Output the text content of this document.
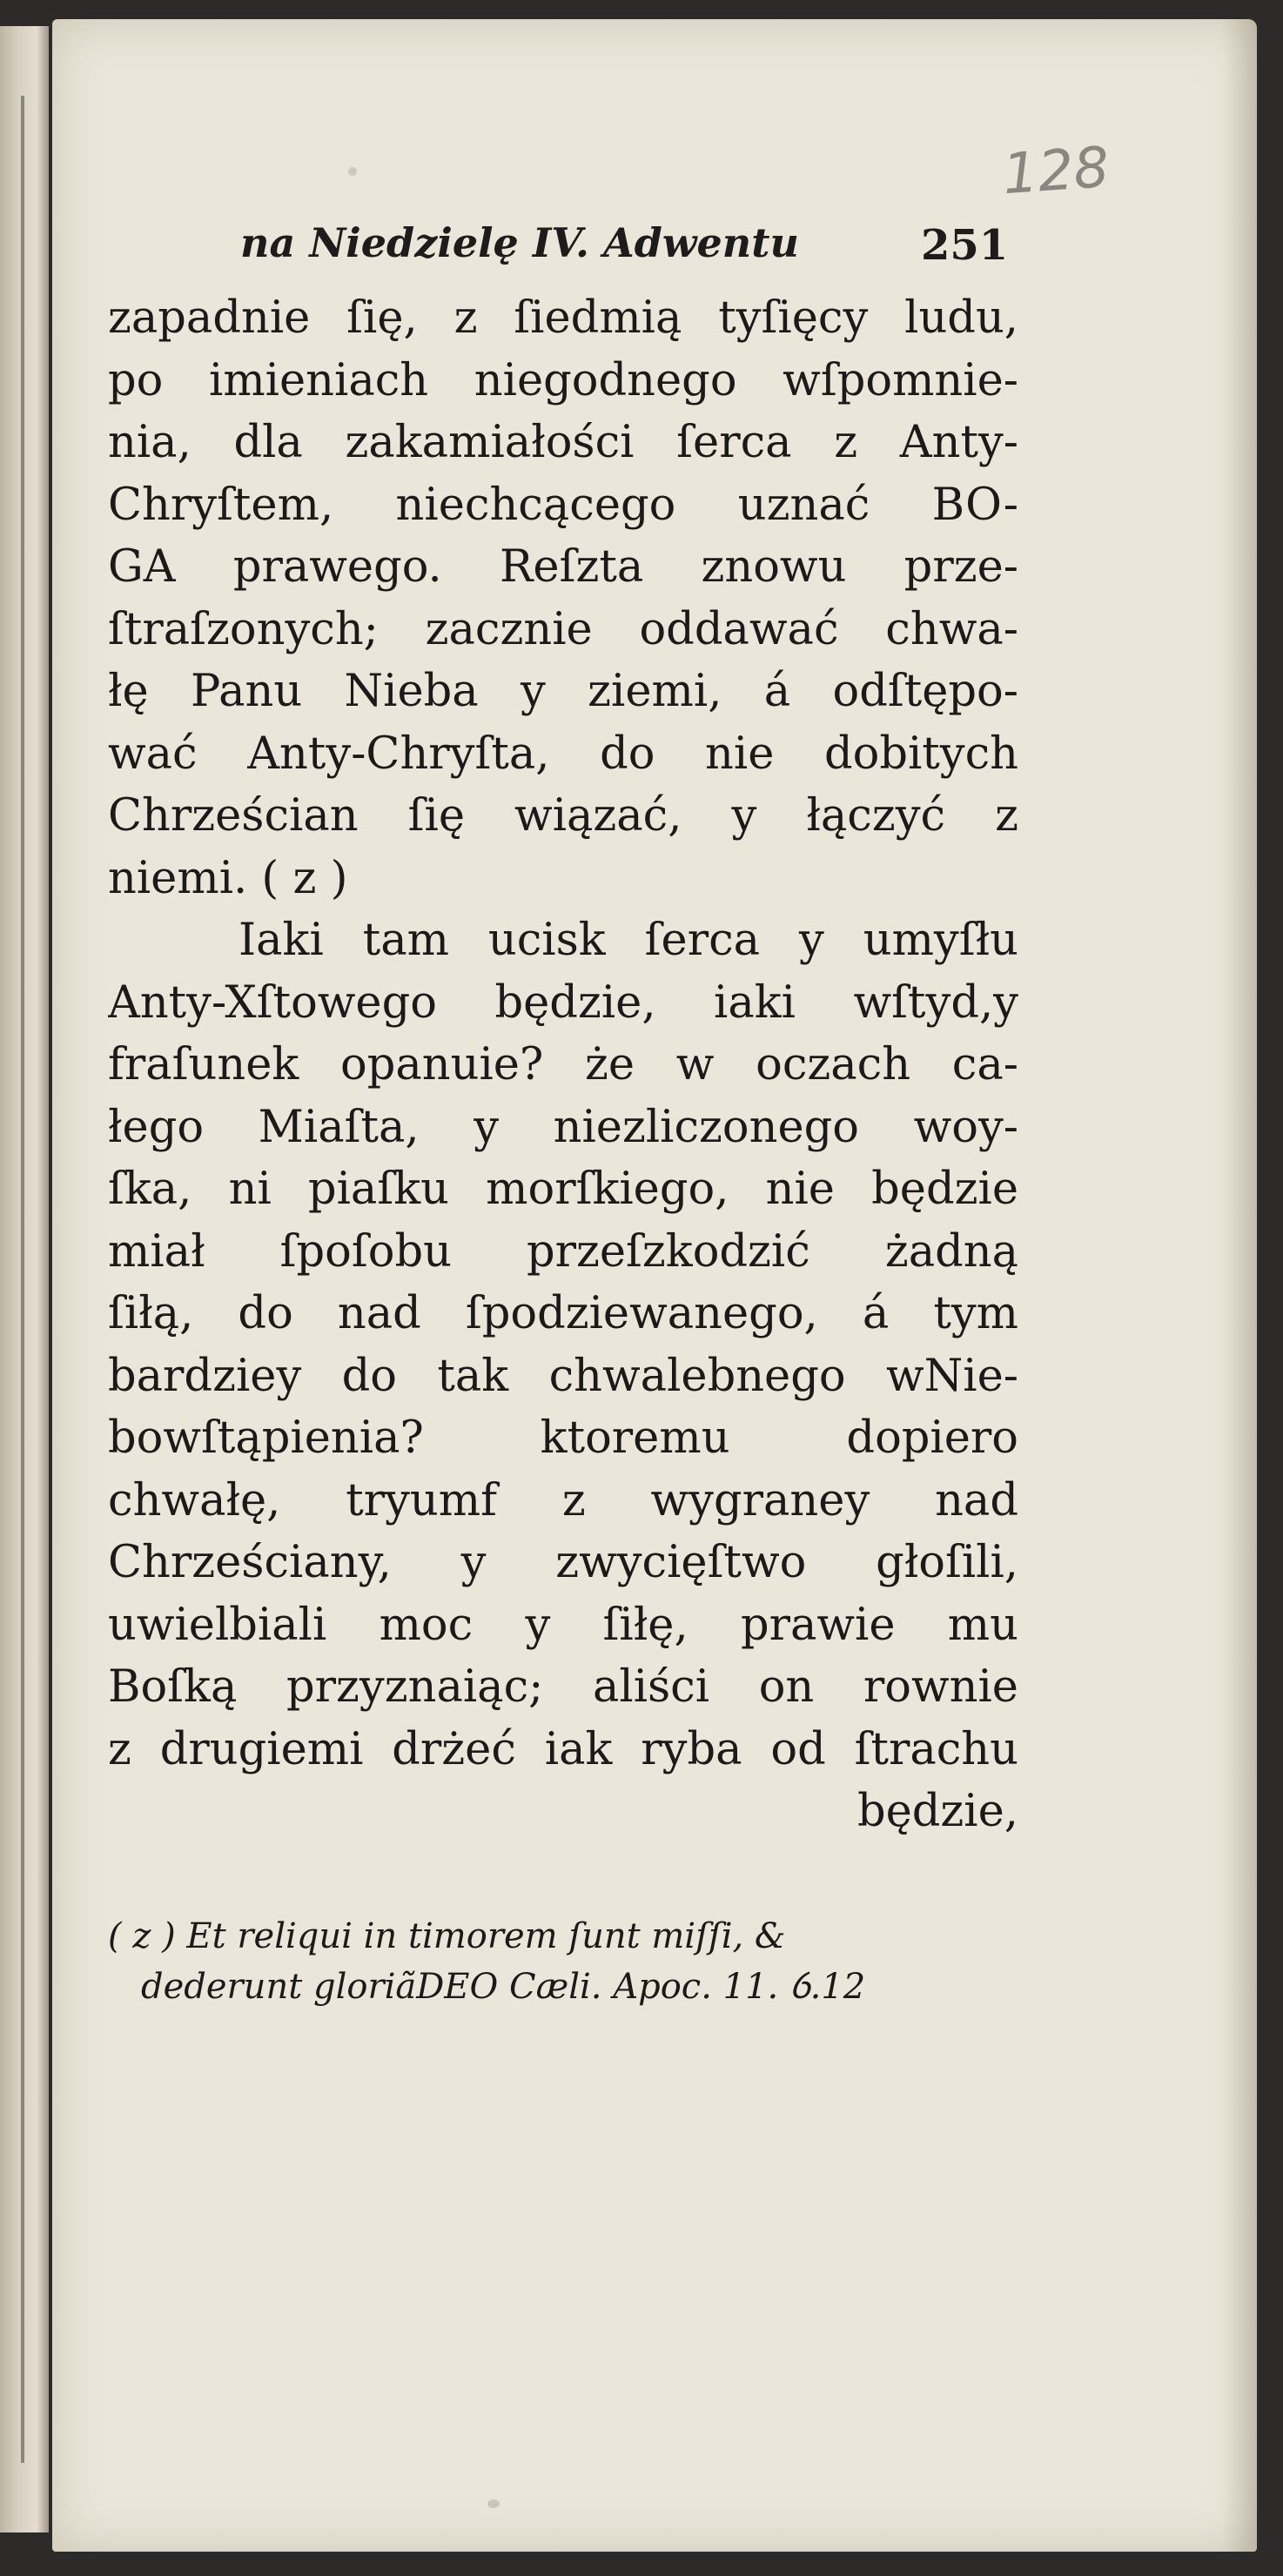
128
na Niedzielę IV. Adwentu	251
zapadnie ſię, z ſiedmią tyſięcy ludu,
po imieniach niegodnego wſpomnie-
nia, dla zakamiałości ſerca z Anty-
Chryſtem, niechcącego uznać BO-
GA prawego. Reſzta znowu prze-
ſtraſzonych; zacznie oddawać chwa-
łę Panu Nieba y ziemi, á odſtępo-
wać Anty-Chryſta, do nie dobitych
Chrześcian ſię wiązać, y łączyć z
niemi. ( z )
Iaki tam ucisk ſerca y umyſłu
Anty-Xſtowego będzie, iaki wſtyd,y
fraſunek opanuie? że w oczach ca-
łego Miaſta, y niezliczonego woy-
ſka, ni piaſku morſkiego, nie będzie
miał ſpoſobu przeſzkodzić żadną
ſiłą, do nad ſpodziewanego, á tym
bardziey do tak chwalebnego wNie-
bowſtąpienia? ktoremu dopiero
chwałę, tryumf z wygraney nad
Chrześciany, y zwycięſtwo głoſili,
uwielbiali moc y ſiłę, prawie mu
Boſką przyznaiąc; aliści on rownie
z drugiemi drżeć iak ryba od ſtrachu
będzie,
( z ) Et reliqui in timorem ſunt miſſi, &
dederunt gloriãDEO Cæli. Apoc. 11. ỽ.12
